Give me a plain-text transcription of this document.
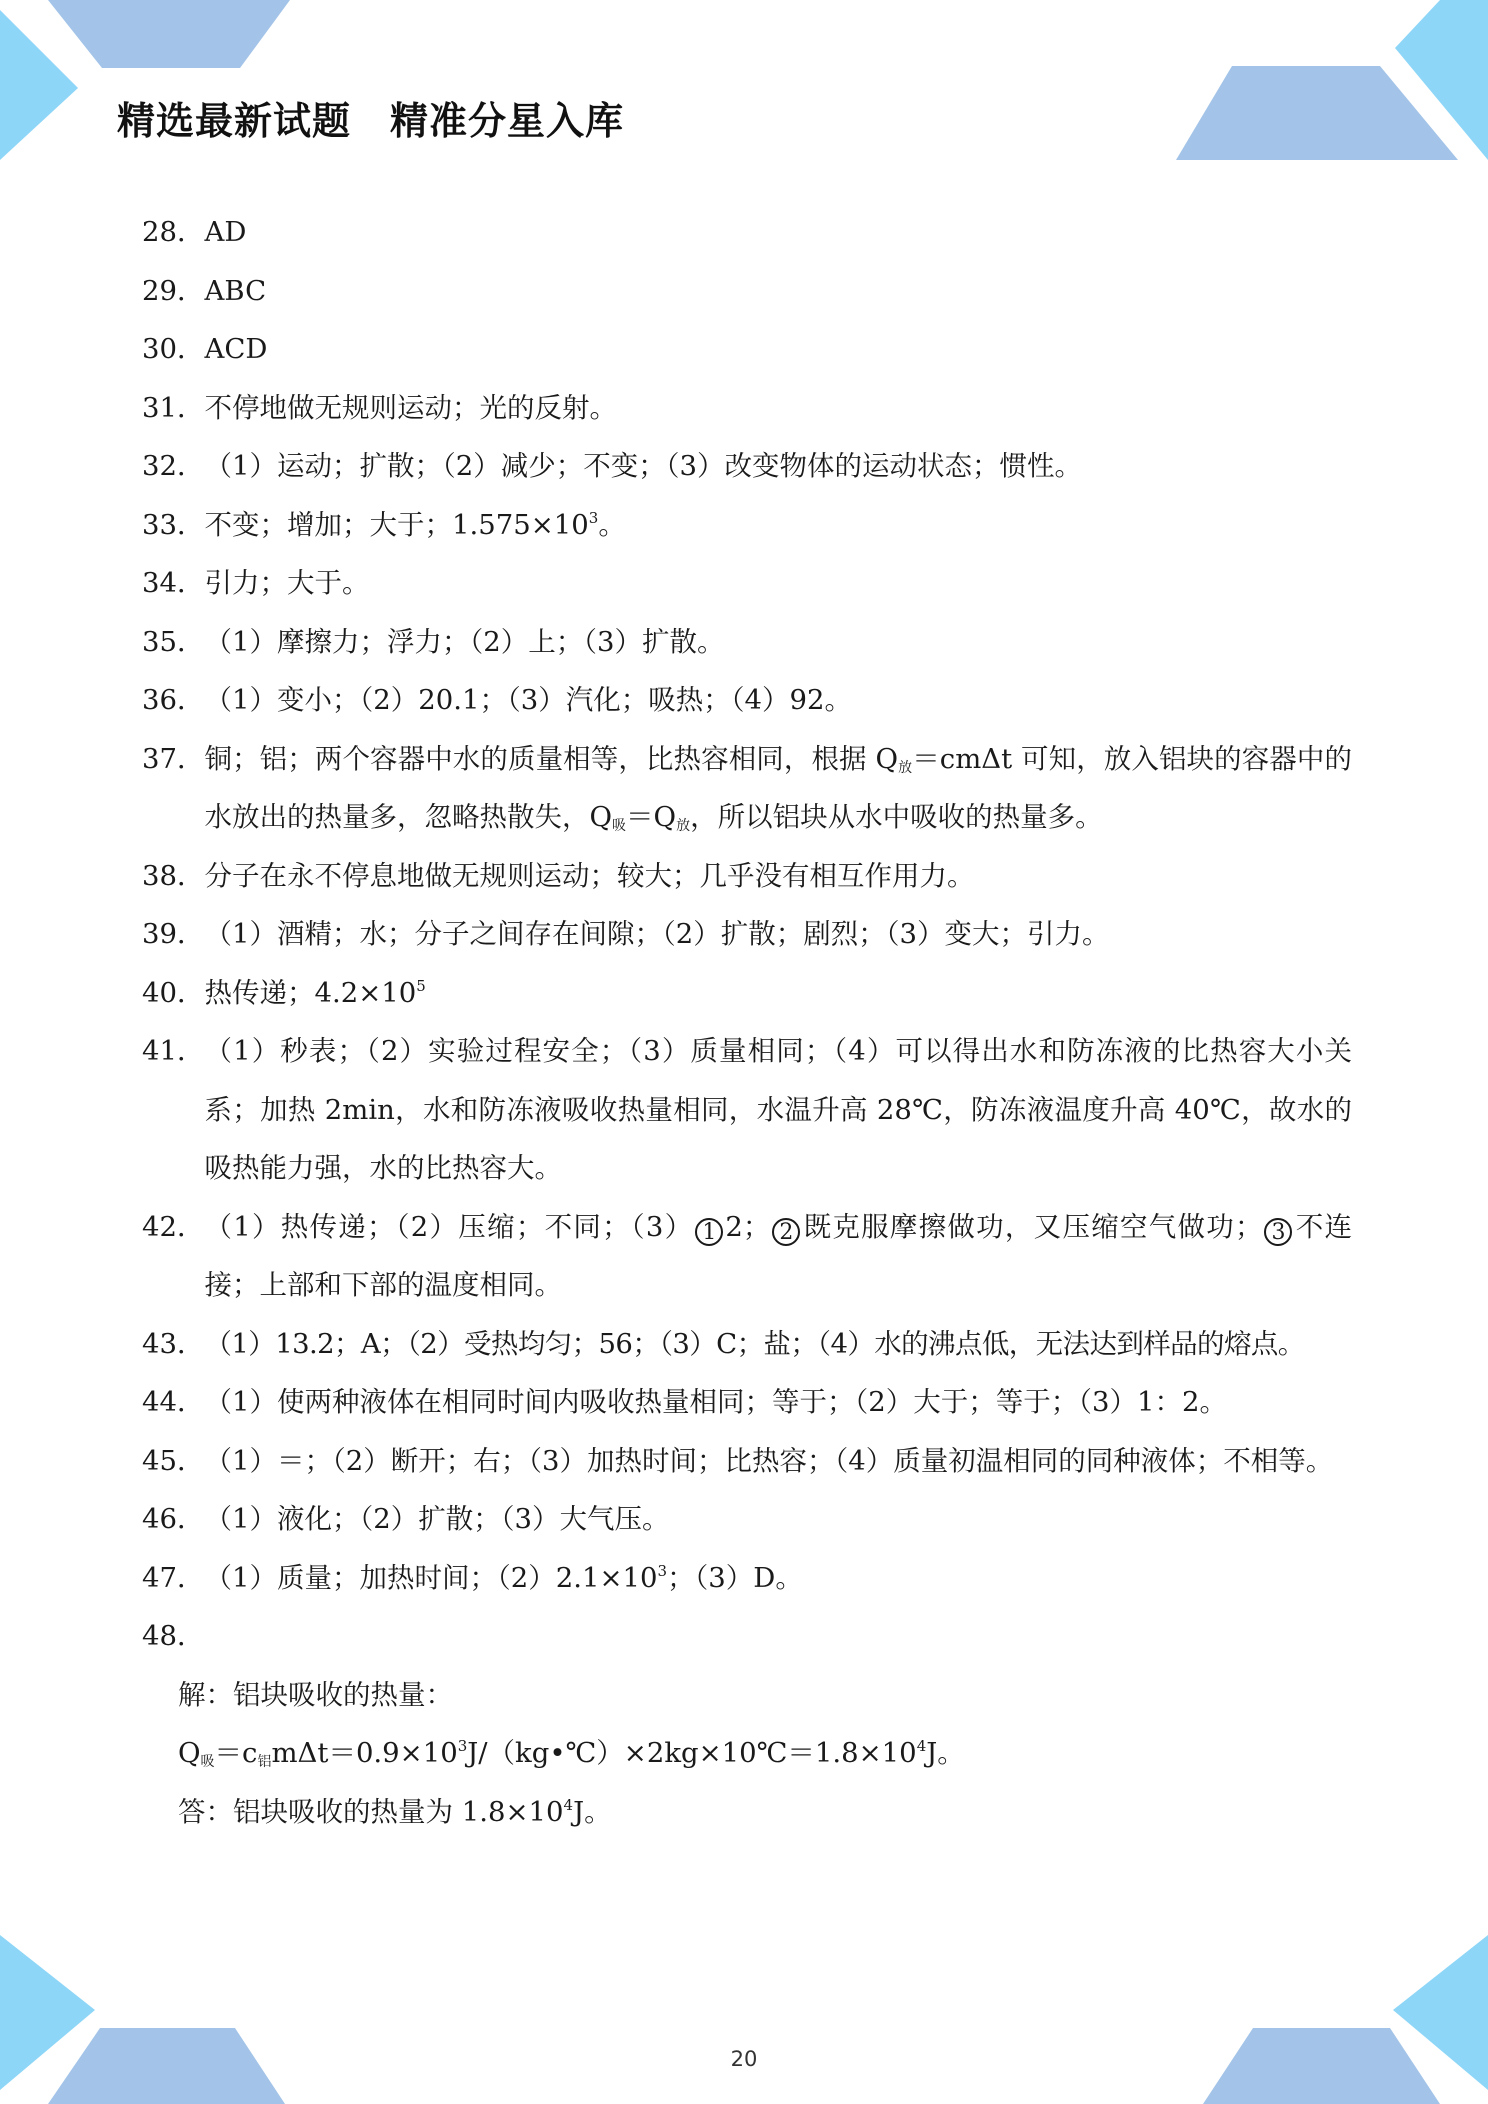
精选最新试题　精准分星入库
28． AD
29． ABC
30． ACD
31． 不停地做无规则运动；光的反射。
32． （1）运动；扩散；（2）减少；不变；（3）改变物体的运动状态；惯性。
33． 不变；增加；大于；$1.575\times 10^3$。
34． 引力；大于。
35． （1）摩擦力；浮力；（2）上；（3）扩散。
36． （1）变小；（2）20.1；（3）汽化；吸热；（4）92。
37． 铜；铝；两个容器中水的质量相等，比热容相同，根据 $Q_放=cm\Delta t$ 可知，放入铝块的容器中的水放出的热量多，忽略热散失，$Q_吸=Q_放$，所以铝块从水中吸收的热量多。
38． 分子在永不停息地做无规则运动；较大；几乎没有相互作用力。
39． （1）酒精；水；分子之间存在间隙；（2）扩散；剧烈；（3）变大；引力。
40． 热传递；$4.2\times 10^5$
41． （1）秒表；（2）实验过程安全；（3）质量相同；（4）可以得出水和防冻液的比热容大小关系；加热 2min，水和防冻液吸收热量相同，水温升高 28℃，防冻液温度升高 40℃，故水的吸热能力强，水的比热容大。
42． （1）热传递；（2）压缩；不同；（3） 1 2； 2 既克服摩擦做功，又压缩空气做功； 3 不连接；上部和下部的温度相同。
43． （1）13.2；A；（2）受热均匀；56；（3）C；盐；（4）水的沸点低，无法达到样品的熔点。
44． （1）使两种液体在相同时间内吸收热量相同；等于；（2）大于；等于；（3）1：2。
45． （1）＝；（2）断开；右；（3）加热时间；比热容；（4）质量初温相同的同种液体；不相等。
46． （1）液化；（2）扩散；（3）大气压。
47． （1）质量；加热时间；$(2)2.1\times 10^3$；（3）D。
48．
解：铝块吸收的热量：
$Q_吸=c_铝m\Delta t=0.9\times 10^3J/(kg•℃)\times 2kg\times 10℃=1.8\times 10^4J$。
答：铝块吸收的热量为 $1.8\times 10^4J$。
20
